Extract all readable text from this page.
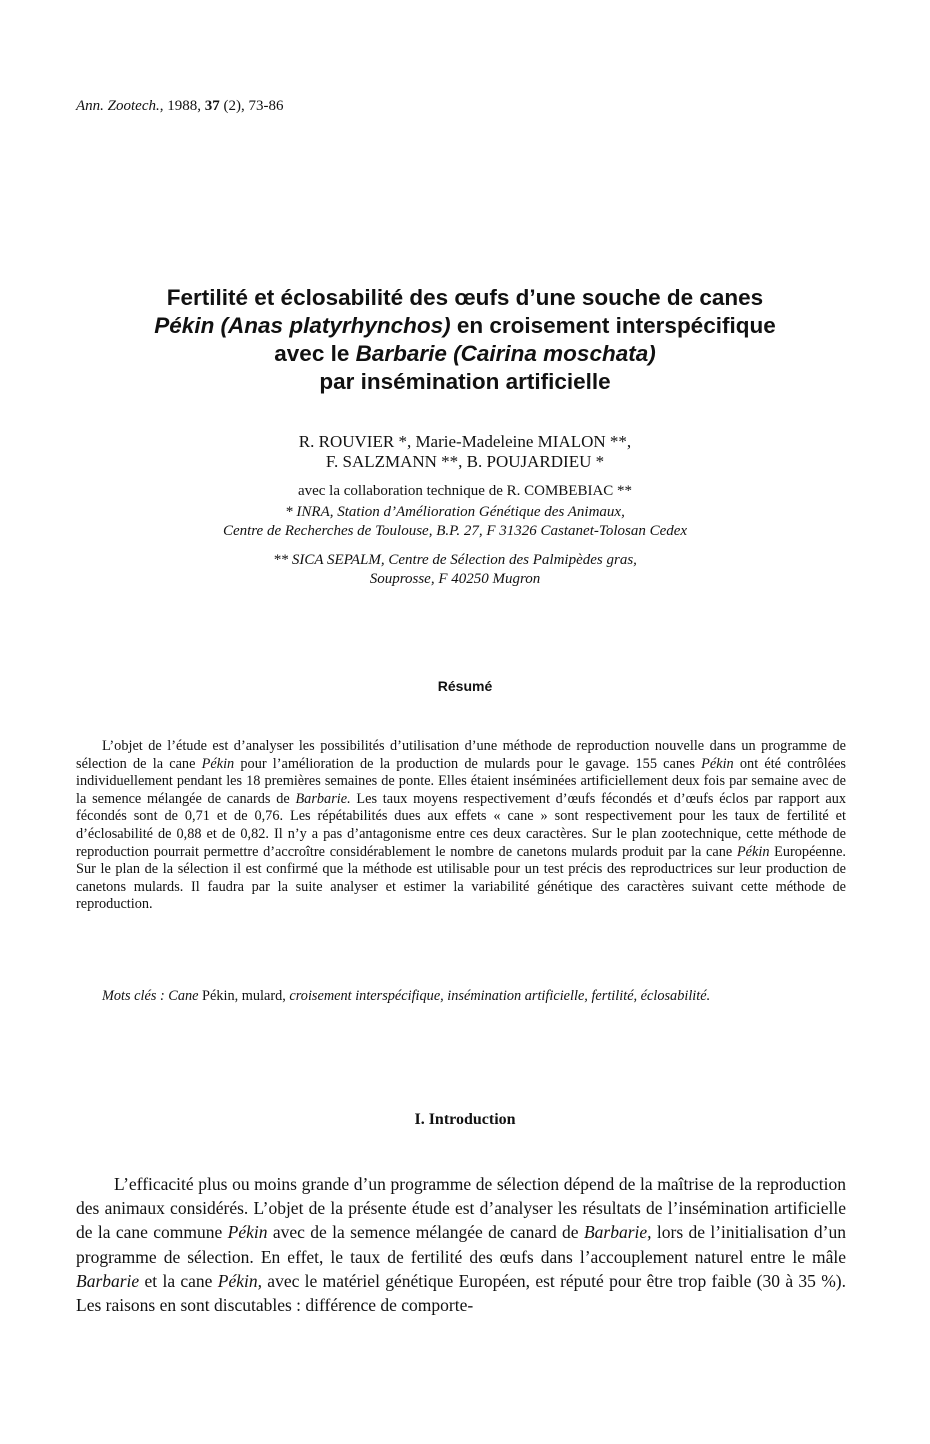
Ann. Zootech., 1988, 37 (2), 73-86
Fertilité et éclosabilité des œufs d’une souche de canes
Pékin (Anas platyrhynchos) en croisement interspécifique
avec le Barbarie (Cairina moschata)
par insémination artificielle
R. ROUVIER *, Marie-Madeleine MIALON **,
F. SALZMANN **, B. POUJARDIEU *
avec la collaboration technique de R. COMBEBIAC **
* INRA, Station d’Amélioration Génétique des Animaux,
Centre de Recherches de Toulouse, B.P. 27, F 31326 Castanet-Tolosan Cedex
** SICA SEPALM, Centre de Sélection des Palmipèdes gras,
Souprosse, F 40250 Mugron
Résumé

L’objet de l’étude est d’analyser les possibilités d’utilisation d’une méthode de reproduction nouvelle dans un programme de sélection de la cane Pékin pour l’amélioration de la production de mulards pour le gavage. 155 canes Pékin ont été contrôlées individuellement pendant les 18 premières semaines de ponte. Elles étaient inséminées artificiellement deux fois par semaine avec de la semence mélangée de canards de Barbarie. Les taux moyens respectivement d’œufs fécondés et d’œufs éclos par rapport aux fécondés sont de 0,71 et de 0,76. Les répétabilités dues aux effets « cane » sont respectivement pour les taux de fertilité et d’éclosabilité de 0,88 et de 0,82. Il n’y a pas d’antagonisme entre ces deux caractères. Sur le plan zootechnique, cette méthode de reproduction pourrait permettre d’accroître considérablement le nombre de canetons mulards produit par la cane Pékin Européenne. Sur le plan de la sélection il est confirmé que la méthode est utilisable pour un test précis des reproductrices sur leur production de canetons mulards. Il faudra par la suite analyser et estimer la variabilité génétique des caractères suivant cette méthode de reproduction.

Mots clés : Cane Pékin, mulard, croisement interspécifique, insémination artificielle, fertilité, éclosabilité.

I. Introduction

L’efficacité plus ou moins grande d’un programme de sélection dépend de la maîtrise de la reproduction des animaux considérés. L’objet de la présente étude est d’analyser les résultats de l’insémination artificielle de la cane commune Pékin avec de la semence mélangée de canard de Barbarie, lors de l’initialisation d’un programme de sélection. En effet, le taux de fertilité des œufs dans l’accouplement naturel entre le mâle Barbarie et la cane Pékin, avec le matériel génétique Européen, est réputé pour être trop faible (30 à 35 %). Les raisons en sont discutables : différence de comporte-
